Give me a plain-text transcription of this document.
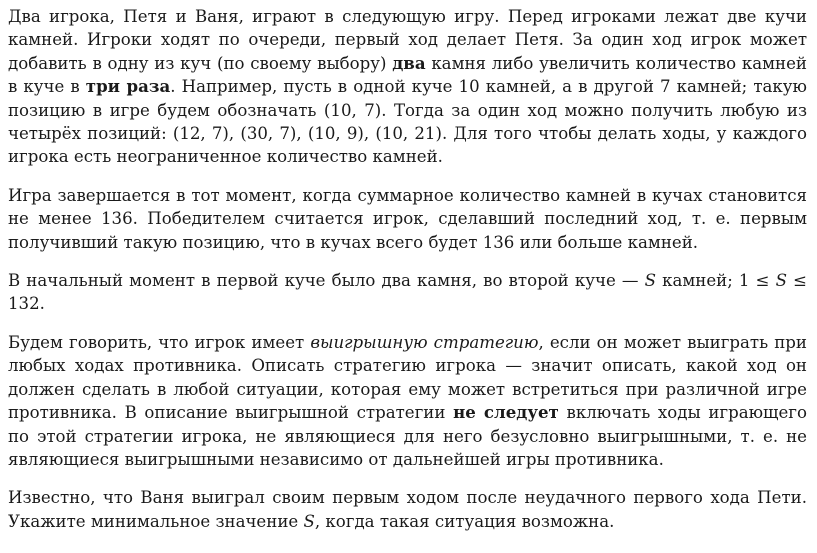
Два игрока, Петя и Ваня, играют в следующую игру. Перед игроками лежат две кучи камней. Игроки ходят по очереди, первый ход делает Петя. За один ход игрок может добавить в одну из куч (по своему выбору) два камня либо увеличить количество камней в куче в три раза. Например, пусть в одной куче 10 камней, а в другой 7 камней; такую позицию в игре будем обозначать (10, 7). Тогда за один ход можно получить любую из четырёх позиций: (12, 7), (30, 7), (10, 9), (10, 21). Для того чтобы делать ходы, у каждого игрока есть неограниченное количество камней.

Игра завершается в тот момент, когда суммарное количество камней в кучах становится не менее 136. Победителем считается игрок, сделавший последний ход, т. е. первым получивший такую позицию, что в кучах всего будет 136 или больше камней.

В начальный момент в первой куче было два камня, во второй куче — S камней; 1 ≤ S ≤ 132.

Будем говорить, что игрок имеет выигрышную стратегию, если он может выиграть при любых ходах противника. Описать стратегию игрока — значит описать, какой ход он должен сделать в любой ситуации, которая ему может встретиться при различной игре противника. В описание выигрышной стратегии не следует включать ходы играющего по этой стратегии игрока, не являющиеся для него безусловно выигрышными, т. е. не являющиеся выигрышными независимо от дальнейшей игры противника.

Известно, что Ваня выиграл своим первым ходом после неудачного первого хода Пети. Укажите минимальное значение S, когда такая ситуация возможна.
